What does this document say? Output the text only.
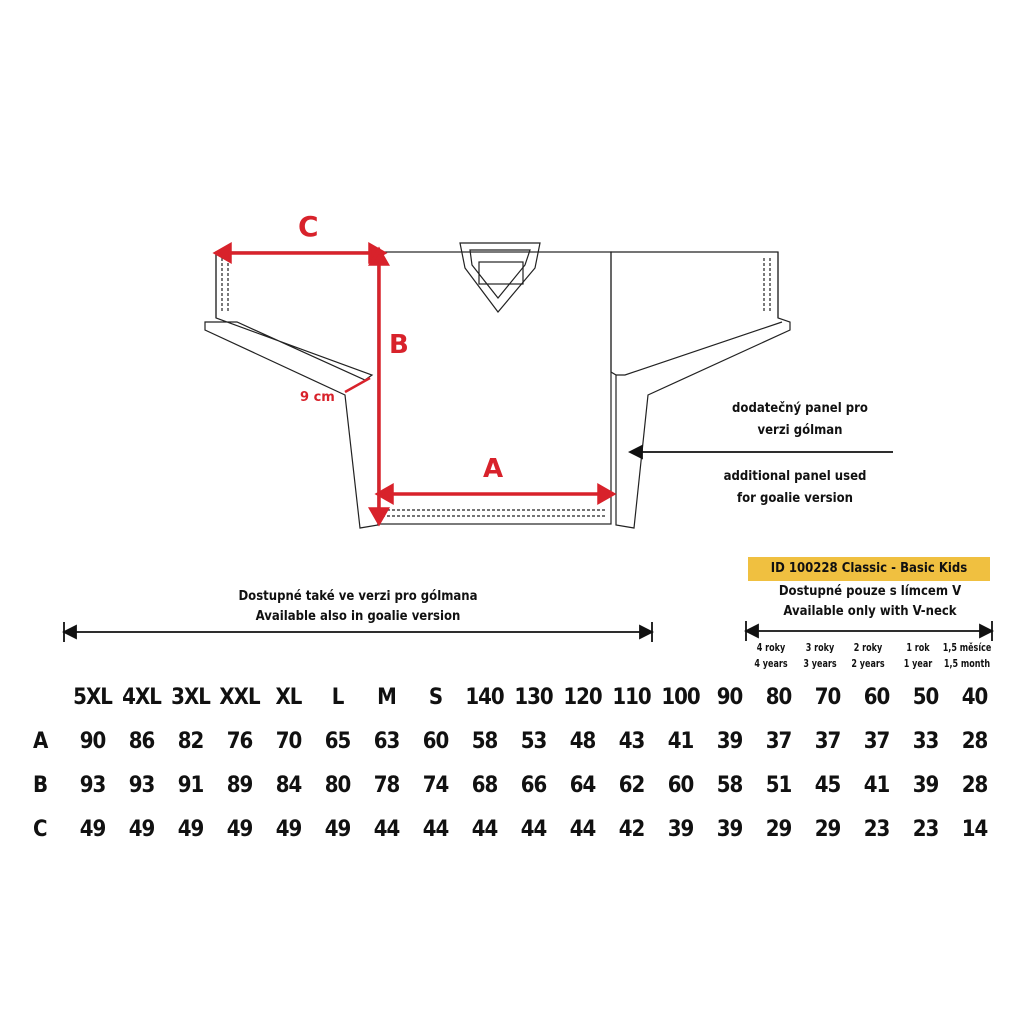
C
B
A
9 cm
dodatečný panel pro
verzi gólman
additional panel used
for goalie version
Dostupné také ve verzi pro gólmana
Available also in goalie version
ID 100228 Classic - Basic Kids
Dostupné pouze s límcem V
Available only with V-neck
4 roky
4 years
3 roky
3 years
2 roky
2 years
1 rok
1 year
1,5 měsíce
1,5 month
	5XL	4XL	3XL	XXL	XL	L	M	S	140	130	120	110	100	90	80	70	60	50	40
A	90	86	82	76	70	65	63	60	58	53	48	43	41	39	37	37	37	33	28
B	93	93	91	89	84	80	78	74	68	66	64	62	60	58	51	45	41	39	28
C	49	49	49	49	49	49	44	44	44	44	44	42	39	39	29	29	23	23	14
